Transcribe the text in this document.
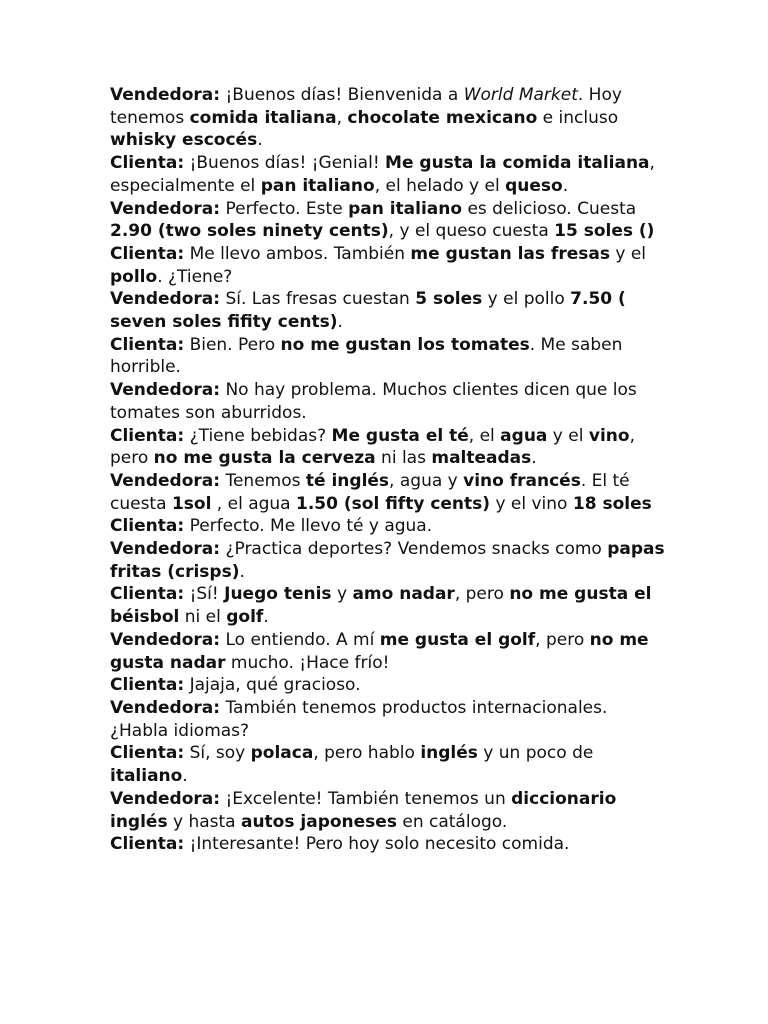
Vendedora: ¡Buenos días! Bienvenida a World Market. Hoy tenemos comida italiana, chocolate mexicano e incluso whisky escocés.

Clienta: ¡Buenos días! ¡Genial! Me gusta la comida italiana, especialmente el pan italiano, el helado y el queso.

Vendedora: Perfecto. Este pan italiano es delicioso. Cuesta 2.90 (two soles ninety cents), y el queso cuesta 15 soles ()

Clienta: Me llevo ambos. También me gustan las fresas y el pollo. ¿Tiene?

Vendedora: Sí. Las fresas cuestan 5 soles y el pollo 7.50 ( seven soles fifity cents).

Clienta: Bien. Pero no me gustan los tomates. Me saben horrible.

Vendedora: No hay problema. Muchos clientes dicen que los tomates son aburridos.

Clienta: ¿Tiene bebidas? Me gusta el té, el agua y el vino, pero no me gusta la cerveza ni las malteadas.

Vendedora: Tenemos té inglés, agua y vino francés. El té cuesta 1sol , el agua 1.50 (sol fifty cents) y el vino 18 soles

Clienta: Perfecto. Me llevo té y agua.

Vendedora: ¿Practica deportes? Vendemos snacks como papas fritas (crisps).

Clienta: ¡Sí! Juego tenis y amo nadar, pero no me gusta el béisbol ni el golf.

Vendedora: Lo entiendo. A mí me gusta el golf, pero no me gusta nadar mucho. ¡Hace frío!

Clienta: Jajaja, qué gracioso.

Vendedora: También tenemos productos internacionales. ¿Habla idiomas?

Clienta: Sí, soy polaca, pero hablo inglés y un poco de italiano.

Vendedora: ¡Excelente! También tenemos un diccionario inglés y hasta autos japoneses en catálogo.

Clienta: ¡Interesante! Pero hoy solo necesito comida.
